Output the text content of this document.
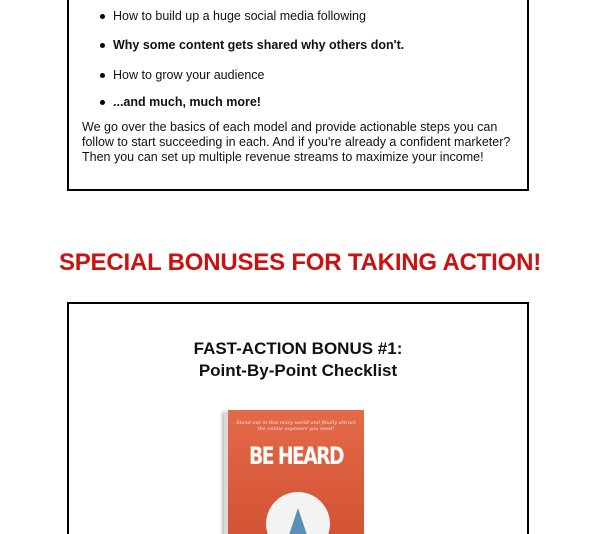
How to build up a huge social media following
Why some content gets shared why others don't.
How to grow your audience
...and much, much more!
We go over the basics of each model and provide actionable steps you can follow to start succeeding in each. And if you're already a confident marketer? Then you can set up multiple revenue streams to maximize your income!
SPECIAL BONUSES FOR TAKING ACTION!
FAST-ACTION BONUS #1:
Point-By-Point Checklist
Stand out in this noisy world and finally attract the online exposure you need!
BE HEARD
